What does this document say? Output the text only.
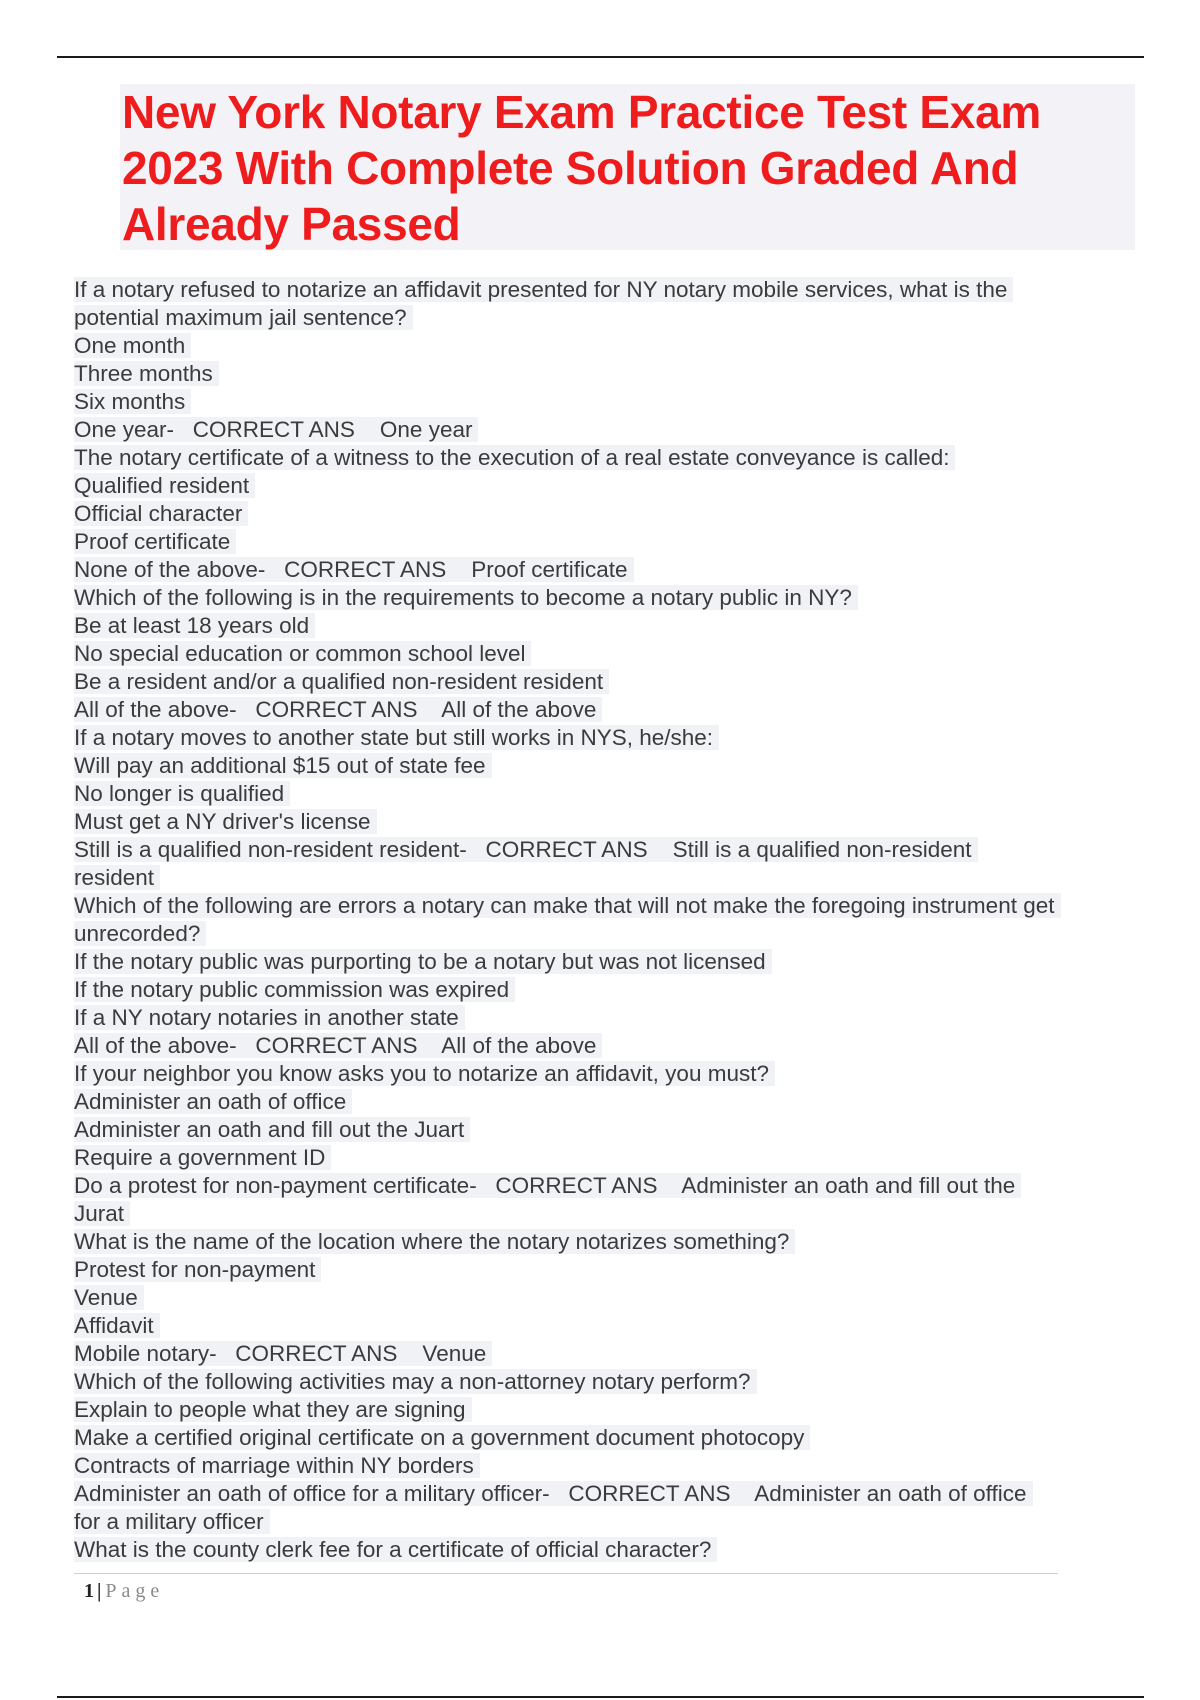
New York Notary Exam Practice Test Exam 2023 With Complete Solution Graded And Already Passed
If a notary refused to notarize an affidavit presented for NY notary mobile services, what is the
potential maximum jail sentence?
One month
Three months
Six months
One year-   CORRECT ANS    One year
The notary certificate of a witness to the execution of a real estate conveyance is called:
Qualified resident
Official character
Proof certificate
None of the above-   CORRECT ANS    Proof certificate
Which of the following is in the requirements to become a notary public in NY?
Be at least 18 years old
No special education or common school level
Be a resident and/or a qualified non-resident resident
All of the above-   CORRECT ANS    All of the above
If a notary moves to another state but still works in NYS, he/she:
Will pay an additional $15 out of state fee
No longer is qualified
Must get a NY driver's license
Still is a qualified non-resident resident-   CORRECT ANS    Still is a qualified non-resident
resident
Which of the following are errors a notary can make that will not make the foregoing instrument get
unrecorded?
If the notary public was purporting to be a notary but was not licensed
If the notary public commission was expired
If a NY notary notaries in another state
All of the above-   CORRECT ANS    All of the above
If your neighbor you know asks you to notarize an affidavit, you must?
Administer an oath of office
Administer an oath and fill out the Juart
Require a government ID
Do a protest for non-payment certificate-   CORRECT ANS    Administer an oath and fill out the
Jurat
What is the name of the location where the notary notarizes something?
Protest for non-payment
Venue
Affidavit
Mobile notary-   CORRECT ANS    Venue
Which of the following activities may a non-attorney notary perform?
Explain to people what they are signing
Make a certified original certificate on a government document photocopy
Contracts of marriage within NY borders
Administer an oath of office for a military officer-   CORRECT ANS    Administer an oath of office
for a military officer
What is the county clerk fee for a certificate of official character?
1 | Page
